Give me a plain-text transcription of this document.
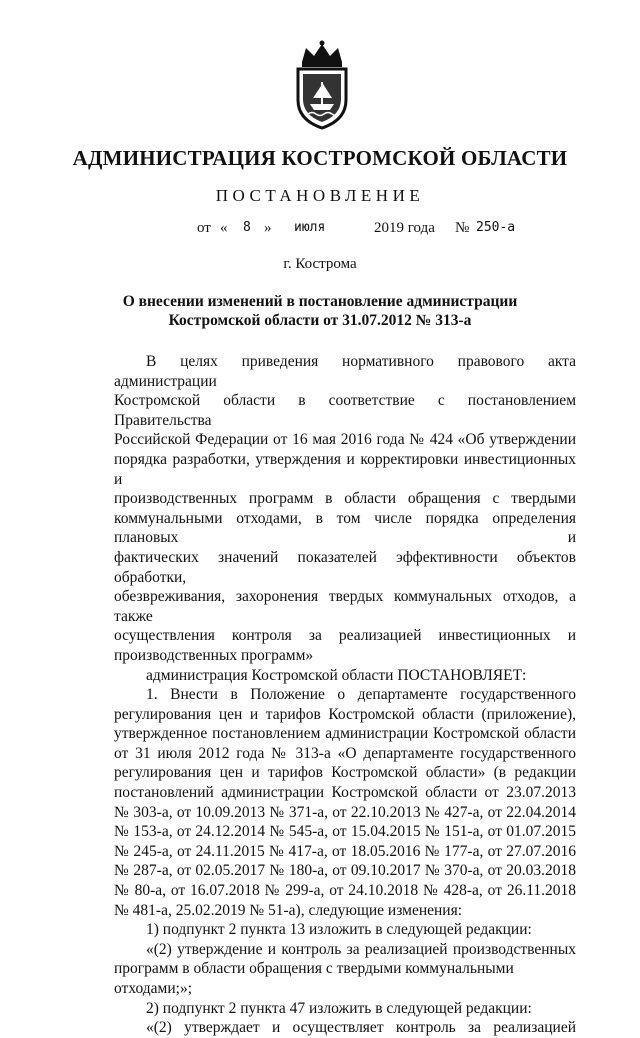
АДМИНИСТРАЦИЯ КОСТРОМСКОЙ ОБЛАСТИ
ПОСТАНОВЛЕНИЕ
от « 8 » июля	2019 года № 250-а
г. Кострома
О внесении изменений в постановление администрации
Костромской области от 31.07.2012 № 313-а
В целях приведения нормативного правового акта администрации
Костромской области в соответствие с постановлением Правительства
Российской Федерации от 16 мая 2016 года № 424 «Об утверждении
порядка разработки, утверждения и корректировки инвестиционных и
производственных программ в области обращения с твердыми
коммунальными отходами, в том числе порядка определения плановых и
фактических значений показателей эффективности объектов обработки,
обезвреживания, захоронения твердых коммунальных отходов, а также
осуществления контроля за реализацией инвестиционных и
производственных программ»
администрация Костромской области ПОСТАНОВЛЯЕТ:
1. Внести в Положение о департаменте государственного
регулирования цен и тарифов Костромской области (приложение),
утвержденное постановлением администрации Костромской области
от 31 июля 2012 года № 313-а «О департаменте государственного
регулирования цен и тарифов Костромской области» (в редакции
постановлений администрации Костромской области от 23.07.2013
№ 303-а, от 10.09.2013 № 371-а, от 22.10.2013 № 427-а, от 22.04.2014
№ 153-а, от 24.12.2014 № 545-а, от 15.04.2015 № 151-а, от 01.07.2015
№ 245-а, от 24.11.2015 № 417-а, от 18.05.2016 № 177-а, от 27.07.2016
№ 287-а, от 02.05.2017 № 180-а, от 09.10.2017 № 370-а, от 20.03.2018
№ 80-а, от 16.07.2018 № 299-а, от 24.10.2018 № 428-а, от 26.11.2018
№ 481-а, 25.02.2019 № 51-а), следующие изменения:
1) подпункт 2 пункта 13 изложить в следующей редакции:
«(2) утверждение и контроль за реализацией производственных
программ в области обращения с твердыми коммунальными отходами;»;
2) подпункт 2 пункта 47 изложить в следующей редакции:
«(2) утверждает и осуществляет контроль за реализацией
